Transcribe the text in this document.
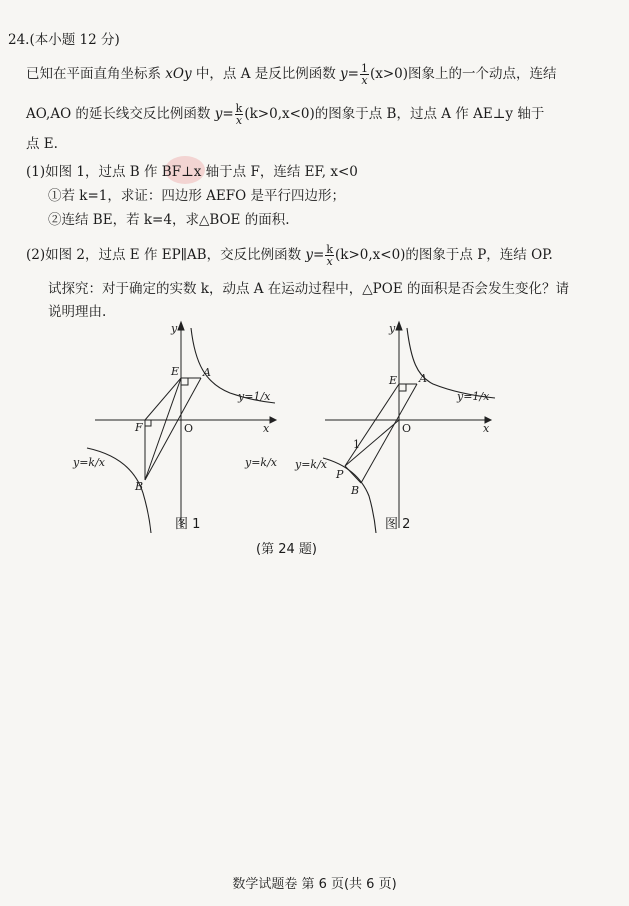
24.(本小题 12 分)
已知在平面直角坐标系 xOy 中，点 A 是反比例函数 $y= \frac{1}{x} (x>0)$图象上的一个动点，连结
AO,AO 的延长线交反比例函数 $y= \frac{k}{x} (k>0,x<0)$的图象于点 B，过点 A 作 AE⊥y 轴于
点 E.
(1)如图 1，过点 B 作 BF⊥x 轴于点 F，连结 EF, x<0
①若 k=1，求证：四边形 AEFO 是平行四边形；
②连结 BE，若 k=4，求△BOE 的面积.
(2)如图 2，过点 E 作 EP∥AB，交反比例函数 $y= \frac{k}{x} (k>0,x<0)$的图象于点 P，连结 OP.
试探究：对于确定的实数 k，动点 A 在运动过程中，△POE 的面积是否会发生变化？请
说明理由.
E A
F	O
B
x
y
y=1/x
y=k/x	y=k/x
E A
O
P
B
1
x
y
y=1/x
y=k/x
图 1	图 2
(第 24 题)
数学试题卷 第 6 页(共 6 页)
